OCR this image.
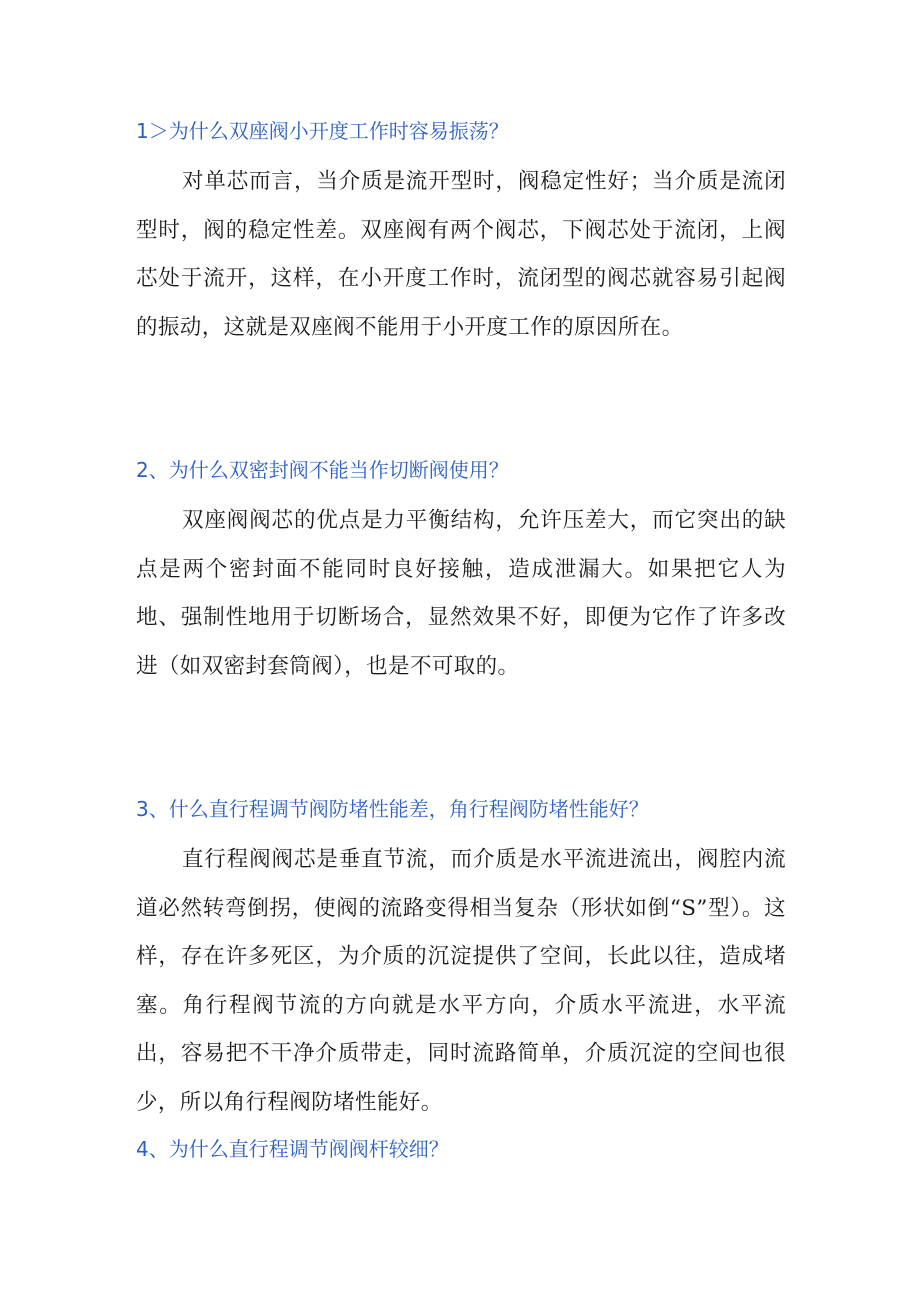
1＞为什么双座阀小开度工作时容易振荡？

对单芯而言，当介质是流开型时，阀稳定性好；当介质是流闭型时，阀的稳定性差。双座阀有两个阀芯，下阀芯处于流闭，上阀芯处于流开，这样，在小开度工作时，流闭型的阀芯就容易引起阀的振动，这就是双座阀不能用于小开度工作的原因所在。

2、为什么双密封阀不能当作切断阀使用？

双座阀阀芯的优点是力平衡结构，允许压差大，而它突出的缺点是两个密封面不能同时良好接触，造成泄漏大。如果把它人为地、强制性地用于切断场合，显然效果不好，即便为它作了许多改进（如双密封套筒阀），也是不可取的。

3、什么直行程调节阀防堵性能差，角行程阀防堵性能好？

直行程阀阀芯是垂直节流，而介质是水平流进流出，阀腔内流道必然转弯倒拐，使阀的流路变得相当复杂（形状如倒“S”型）。这样，存在许多死区，为介质的沉淀提供了空间，长此以往，造成堵塞。角行程阀节流的方向就是水平方向，介质水平流进，水平流出，容易把不干净介质带走，同时流路简单，介质沉淀的空间也很少，所以角行程阀防堵性能好。

4、为什么直行程调节阀阀杆较细？
